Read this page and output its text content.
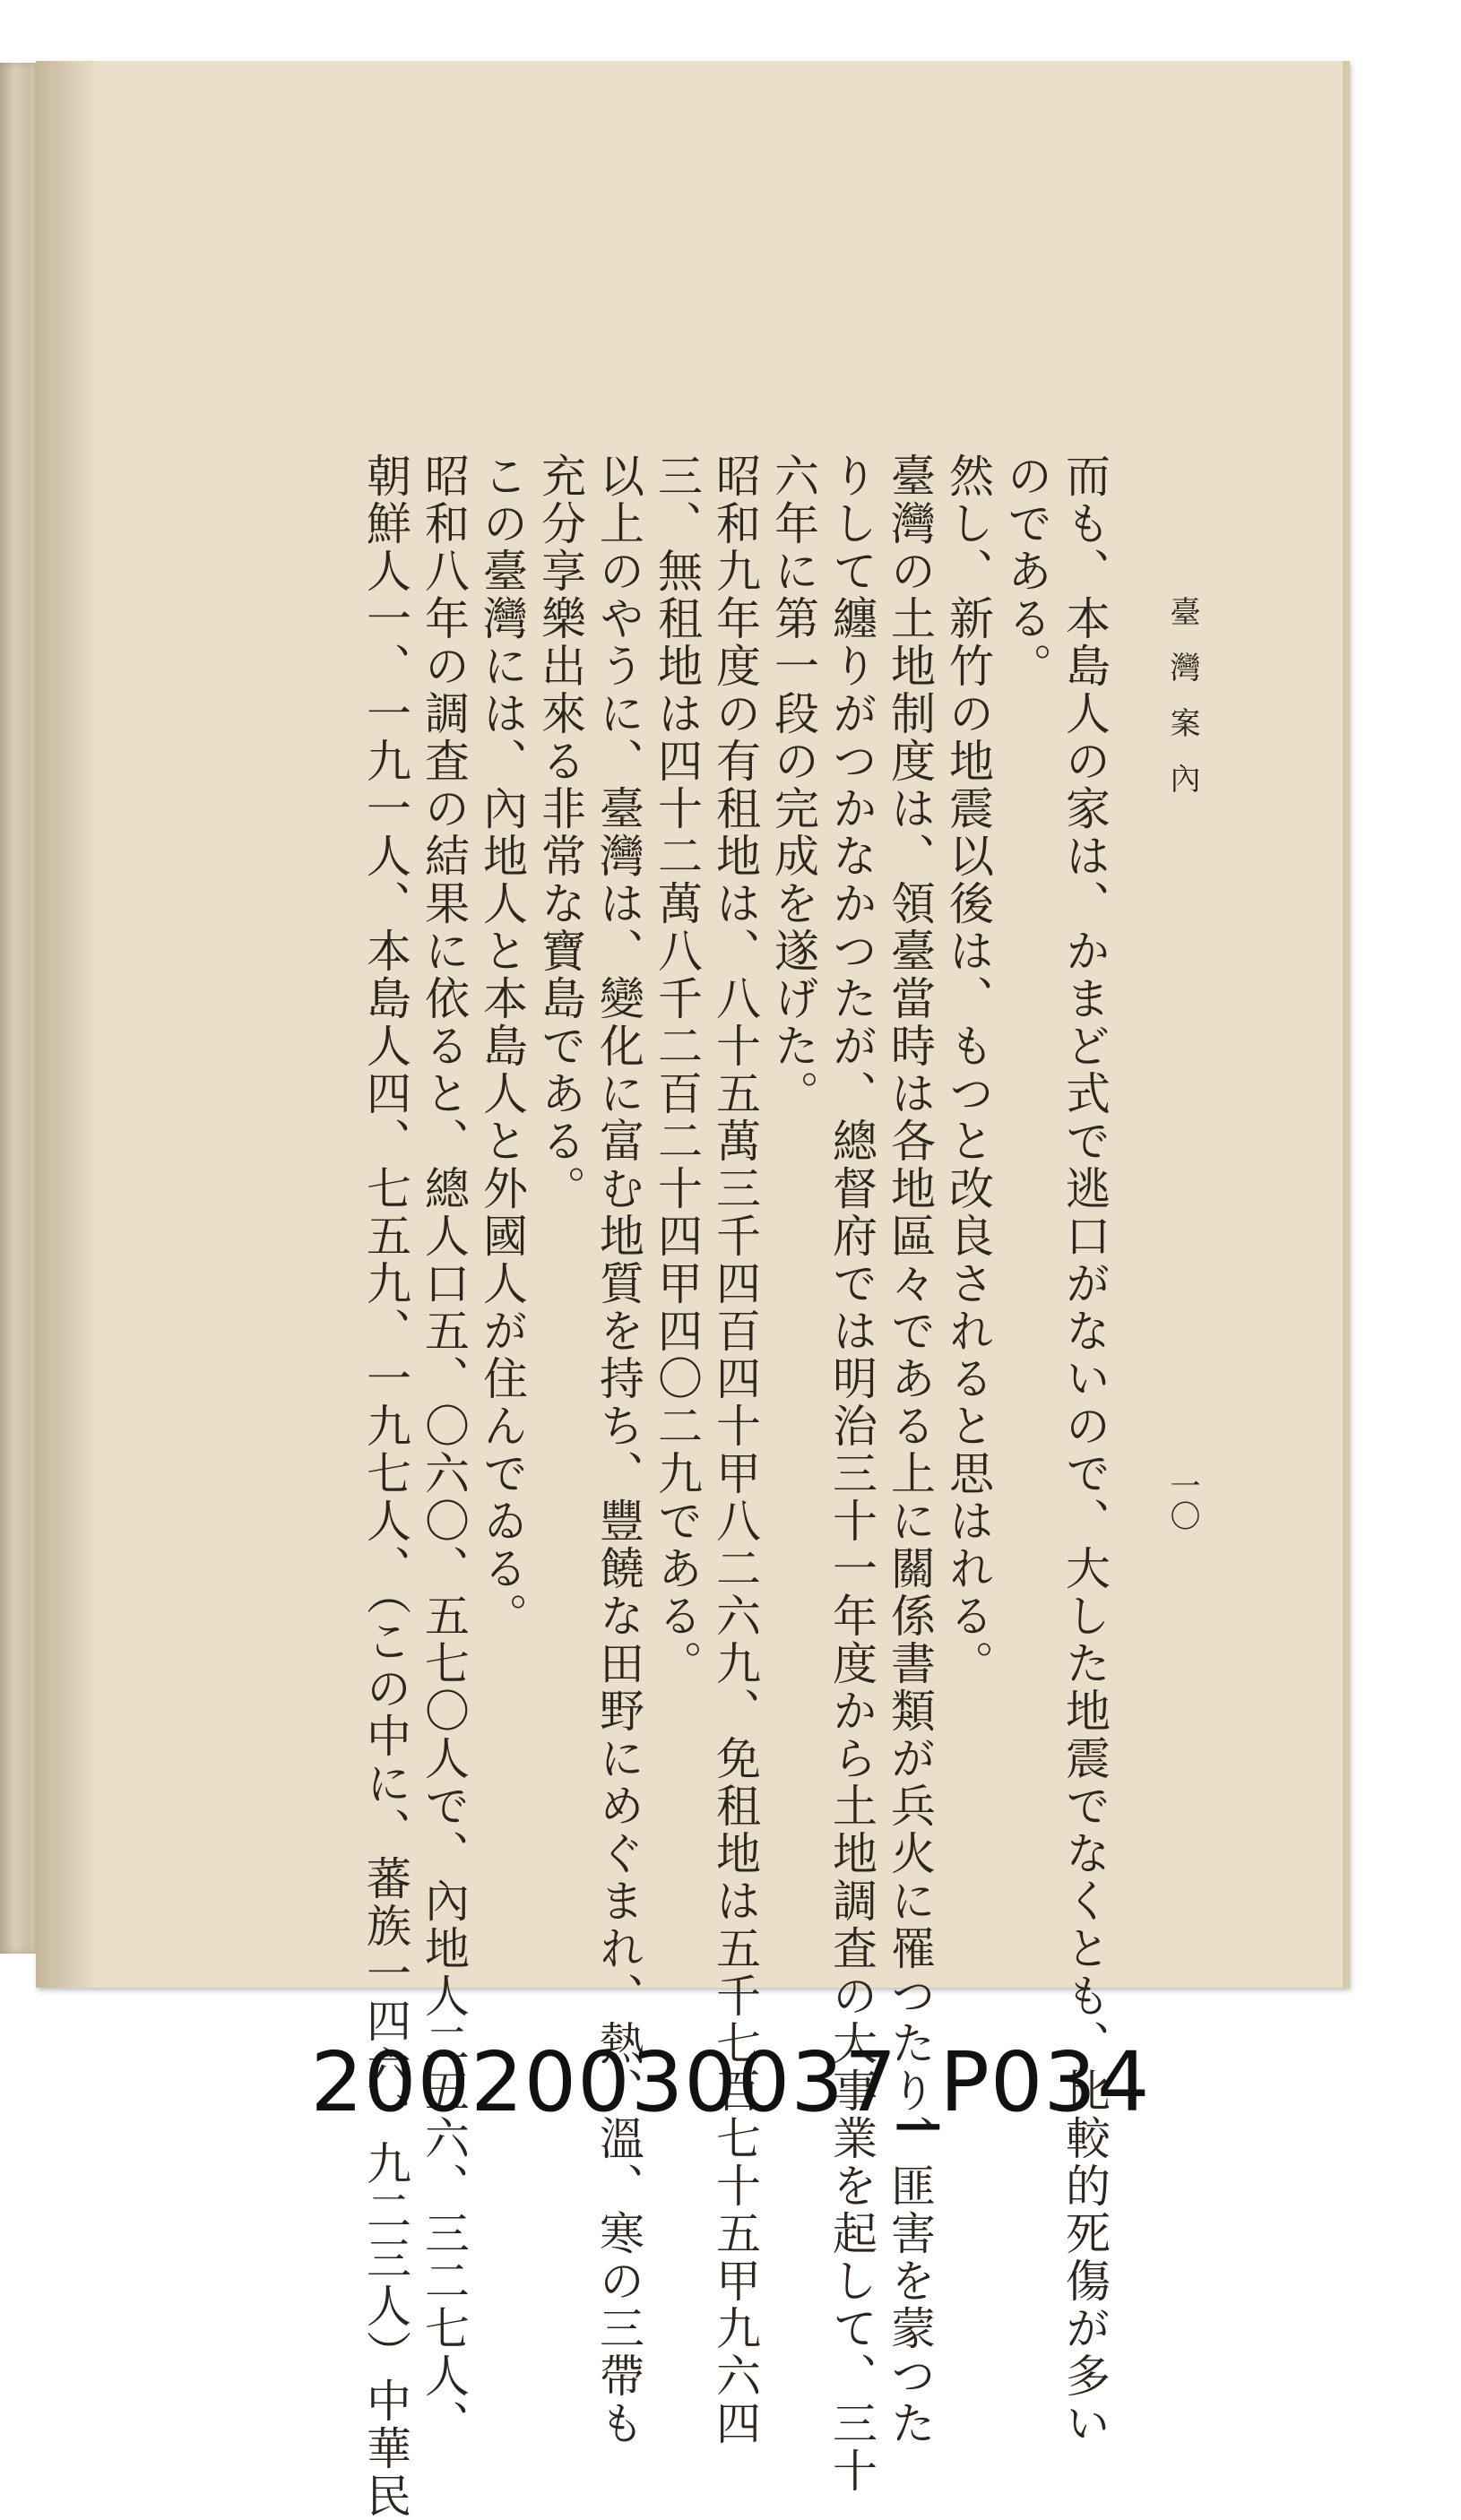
臺灣案內
一〇
而も、本島人の家は、かまど式で逃口がないので、大した地震でなくとも、比較的死傷が多い
のである。
然し、新竹の地震以後は、もつと改良されると思はれる。
臺灣の土地制度は、領臺當時は各地區々である上に關係書類が兵火に罹つたり、匪害を蒙つた
りして纏りがつかなかつたが、總督府では明治三十一年度から土地調査の大事業を起して、三十
六年に第一段の完成を遂げた。
昭和九年度の有租地は、八十五萬三千四百四十甲八二六九、免租地は五千七百七十五甲九六四
三、無租地は四十二萬八千二百二十四甲四〇二九である。
以上のやうに、臺灣は、變化に富む地質を持ち、豐饒な田野にめぐまれ、熱、溫、寒の三帶も
充分享樂出來る非常な寶島である。
この臺灣には、內地人と本島人と外國人が住んでゐる。
昭和八年の調査の結果に依ると、總人口五、〇六〇、五七〇人で、內地人二五六、三二七人、
朝鮮人一、一九一人、本島人四、七五九、一九七人、（この中に、蕃族一四六、九二三人）中華民
20020030037_P034
